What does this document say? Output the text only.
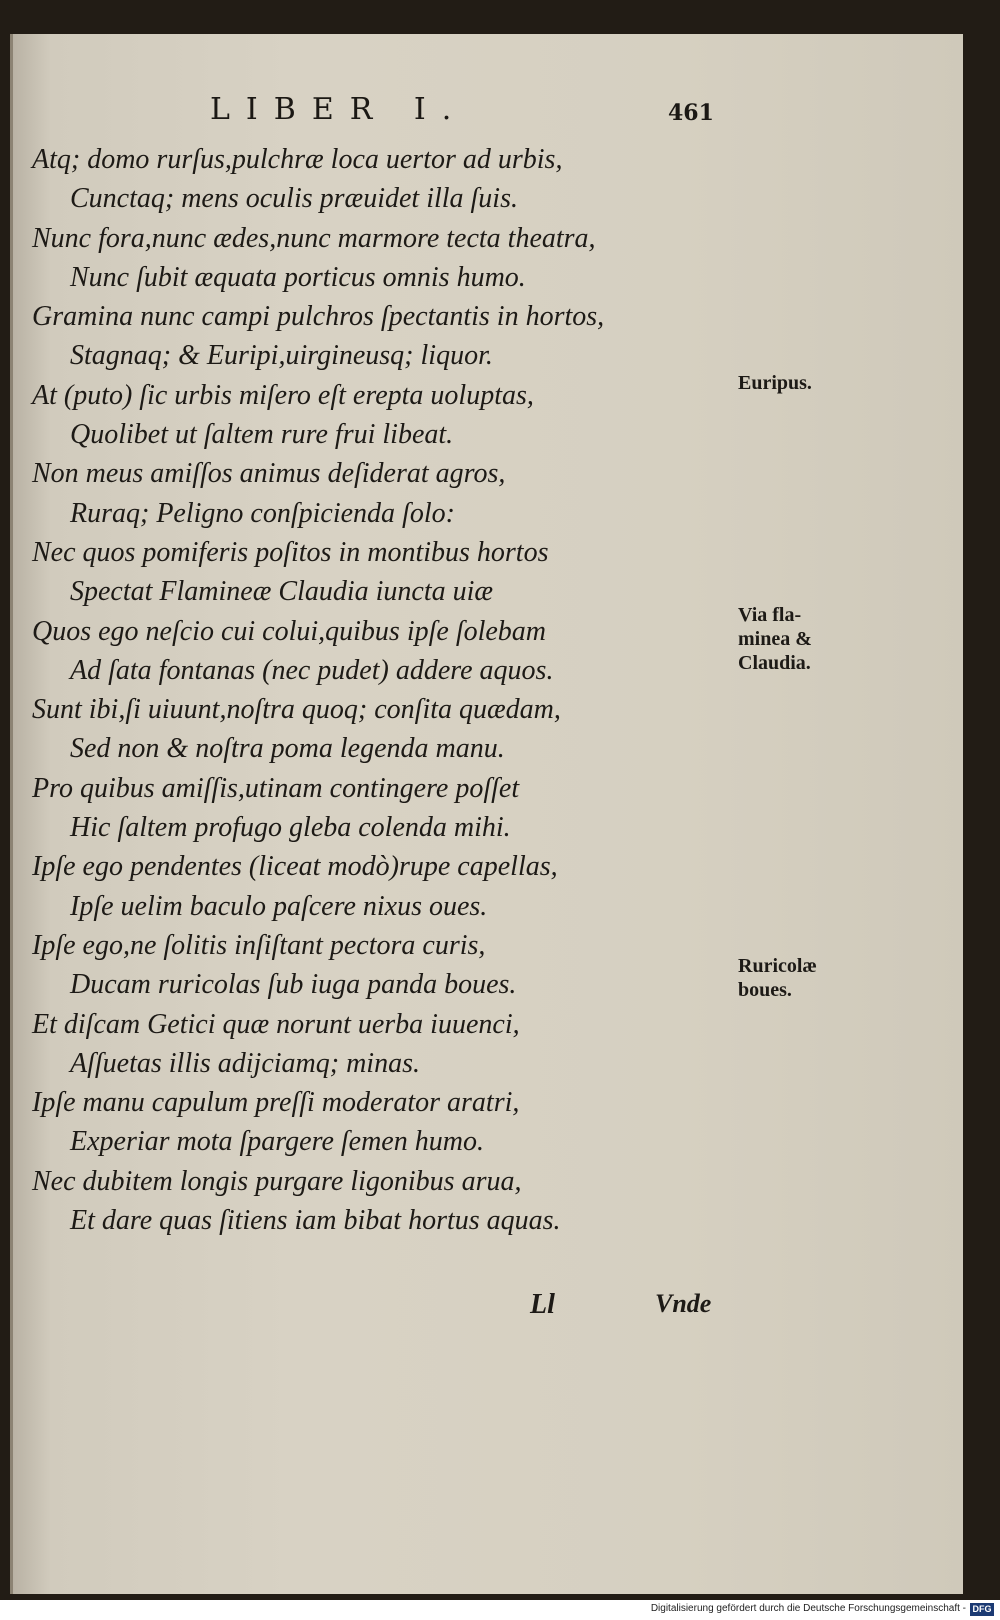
LIBER I.	461
Atq; domo rurſus,pulchræ loca uertor ad urbis,
Cunctaq; mens oculis præuidet illa ſuis.
Nunc fora,nunc ædes,nunc marmore tecta theatra,
Nunc ſubit æquata porticus omnis humo.
Gramina nunc campi pulchros ſpectantis in hortos,
Stagnaq; & Euripi,uirgineusq; liquor.
At (puto) ſic urbis miſero eſt erepta uoluptas,
Quolibet ut ſaltem rure frui libeat.
Non meus amiſſos animus deſiderat agros,
Ruraq; Peligno conſpicienda ſolo:
Nec quos pomiferis poſitos in montibus hortos
Spectat Flamineæ Claudia iuncta uiæ
Quos ego neſcio cui colui,quibus ipſe ſolebam
Ad ſata fontanas (nec pudet) addere aquos.
Sunt ibi,ſi uiuunt,noſtra quoq; conſita quædam,
Sed non & noſtra poma legenda manu.
Pro quibus amiſſis,utinam contingere poſſet
Hic ſaltem profugo gleba colenda mihi.
Ipſe ego pendentes (liceat modò)rupe capellas,
Ipſe uelim baculo paſcere nixus oues.
Ipſe ego,ne ſolitis inſiſtant pectora curis,
Ducam ruricolas ſub iuga panda boues.
Et diſcam Getici quæ norunt uerba iuuenci,
Aſſuetas illis adijciamq; minas.
Ipſe manu capulum preſſi moderator aratri,
Experiar mota ſpargere ſemen humo.
Nec dubitem longis purgare ligonibus arua,
Et dare quas ſitiens iam bibat hortus aquas.
Euripus.
Via fla-
minea &
Claudia.
Ruricolæ
boues.
Ll	Vnde
Digitalisierung gefördert durch die Deutsche Forschungsgemeinschaft - DFG
